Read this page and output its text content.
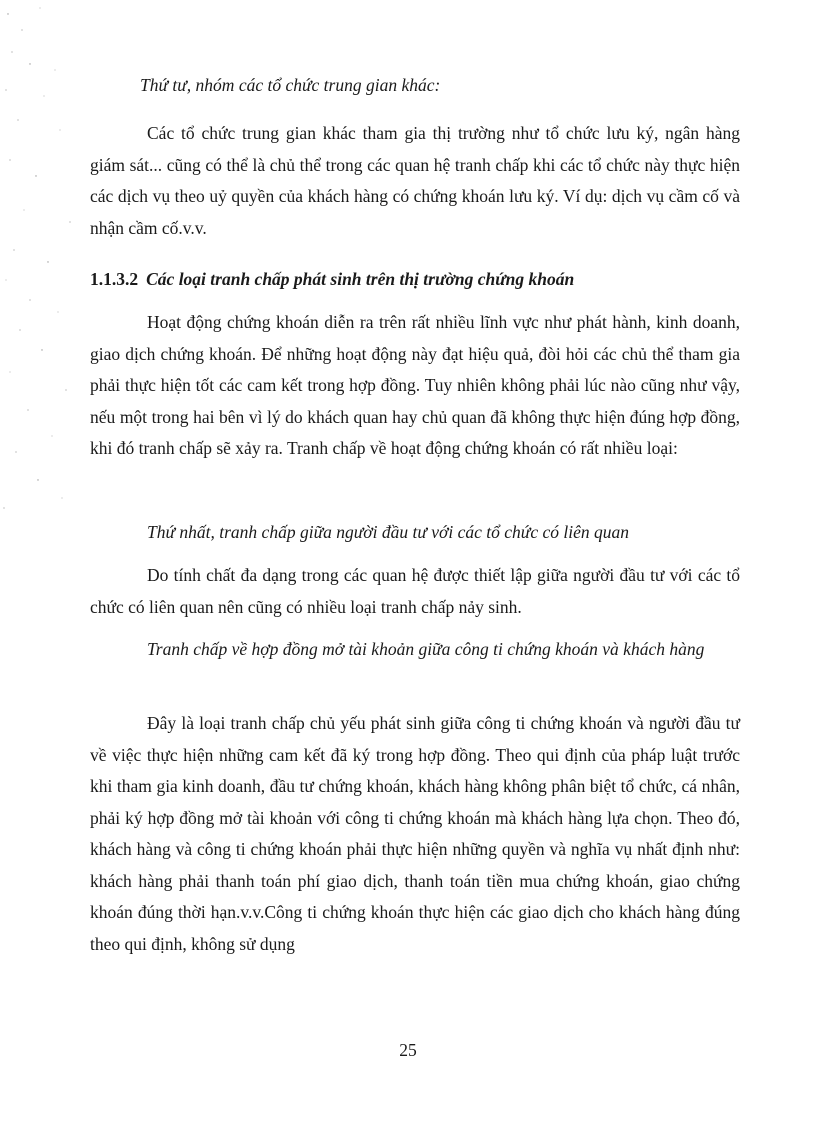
Thứ tư, nhóm các tổ chức trung gian khác:
Các tổ chức trung gian khác tham gia thị trường như tổ chức lưu ký, ngân hàng giám sát... cũng có thể là chủ thể trong các quan hệ tranh chấp khi các tổ chức này thực hiện các dịch vụ theo uỷ quyền của khách hàng có chứng khoán lưu ký. Ví dụ: dịch vụ cầm cố và nhận cầm cố.v.v.
1.1.3.2 Các loại tranh chấp phát sinh trên thị trường chứng khoán
Hoạt động chứng khoán diễn ra trên rất nhiều lĩnh vực như phát hành, kinh doanh, giao dịch chứng khoán. Để những hoạt động này đạt hiệu quả, đòi hỏi các chủ thể tham gia phải thực hiện tốt các cam kết trong hợp đồng. Tuy nhiên không phải lúc nào cũng như vậy, nếu một trong hai bên vì lý do khách quan hay chủ quan đã không thực hiện đúng hợp đồng, khi đó tranh chấp sẽ xảy ra. Tranh chấp về hoạt động chứng khoán có rất nhiều loại:
Thứ nhất, tranh chấp giữa người đầu tư với các tổ chức có liên quan
Do tính chất đa dạng trong các quan hệ được thiết lập giữa người đầu tư với các tổ chức có liên quan nên cũng có nhiều loại tranh chấp nảy sinh.
Tranh chấp về hợp đồng mở tài khoản giữa công ti chứng khoán và khách hàng
Đây là loại tranh chấp chủ yếu phát sinh giữa công ti chứng khoán và người đầu tư về việc thực hiện những cam kết đã ký trong hợp đồng. Theo qui định của pháp luật trước khi tham gia kinh doanh, đầu tư chứng khoán, khách hàng không phân biệt tổ chức, cá nhân, phải ký hợp đồng mở tài khoản với công ti chứng khoán mà khách hàng lựa chọn. Theo đó, khách hàng và công ti chứng khoán phải thực hiện những quyền và nghĩa vụ nhất định như: khách hàng phải thanh toán phí giao dịch, thanh toán tiền mua chứng khoán, giao chứng khoán đúng thời hạn.v.v.Công ti chứng khoán thực hiện các giao dịch cho khách hàng đúng theo qui định, không sử dụng
25
